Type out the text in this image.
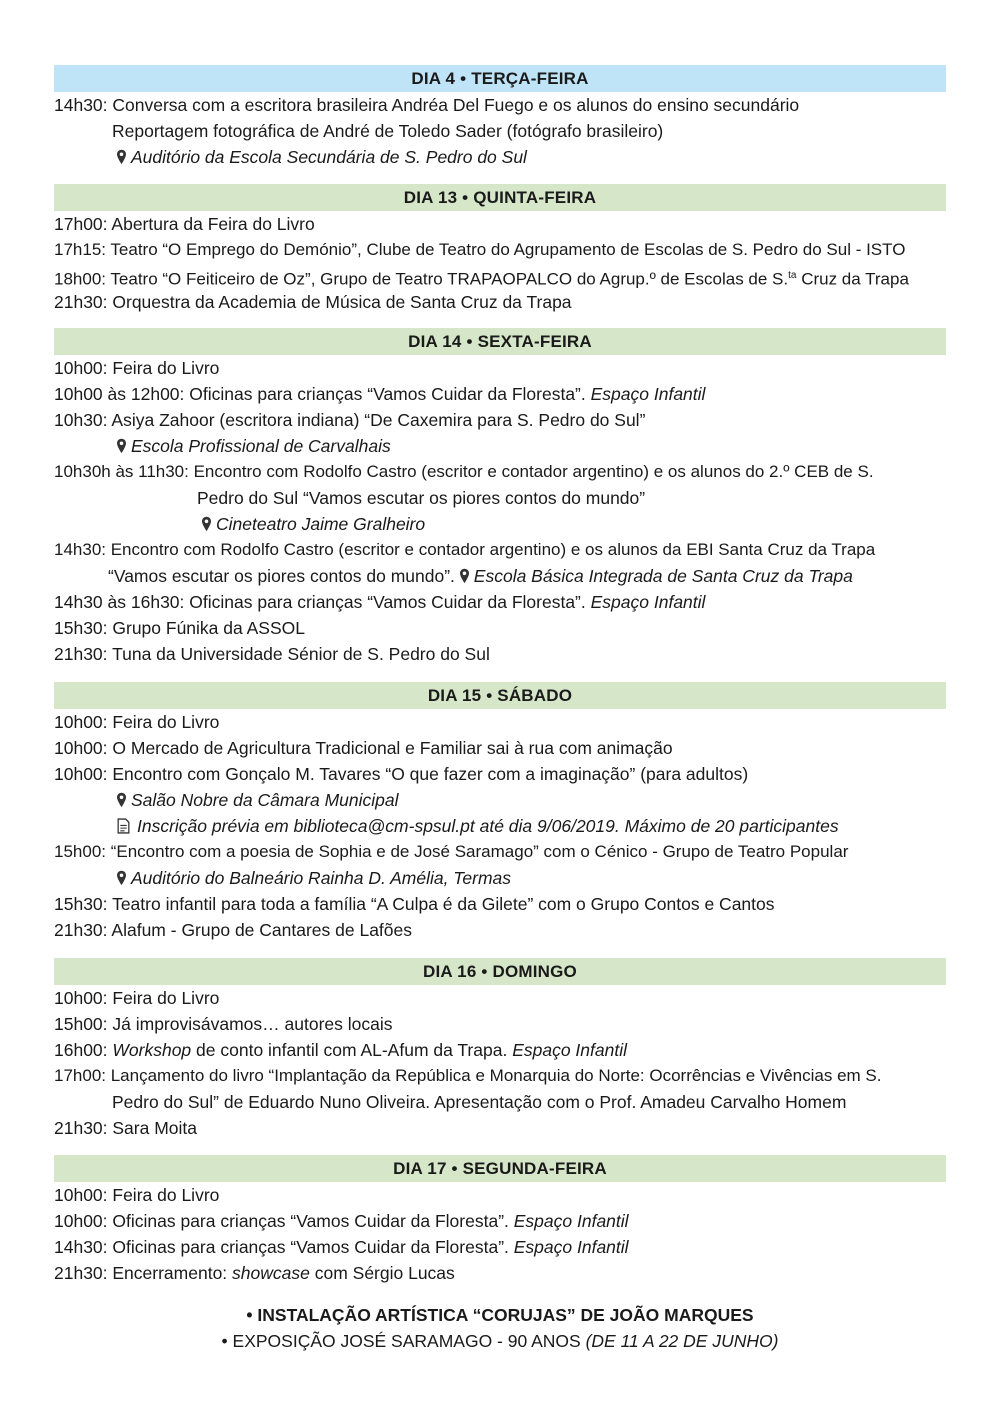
DIA 4 • TERÇA-FEIRA
14h30: Conversa com a escritora brasileira Andréa Del Fuego e os alunos do ensino secundário
Reportagem fotográfica de André de Toledo Sader (fotógrafo brasileiro)
Auditório da Escola Secundária de S. Pedro do Sul
DIA 13 • QUINTA-FEIRA
17h00: Abertura da Feira do Livro
17h15: Teatro “O Emprego do Demónio”, Clube de Teatro do Agrupamento de Escolas de S. Pedro do Sul - ISTO
18h00: Teatro “O Feiticeiro de Oz”, Grupo de Teatro TRAPAOPALCO do Agrup.º de Escolas de S.$^{ta}$ Cruz da Trapa
21h30: Orquestra da Academia de Música de Santa Cruz da Trapa
DIA 14 • SEXTA-FEIRA
10h00: Feira do Livro
10h00 às 12h00: Oficinas para crianças “Vamos Cuidar da Floresta”. Espaço Infantil
10h30: Asiya Zahoor (escritora indiana) “De Caxemira para S. Pedro do Sul”
Escola Profissional de Carvalhais
10h30h às 11h30: Encontro com Rodolfo Castro (escritor e contador argentino) e os alunos do 2.º CEB de S.
Pedro do Sul “Vamos escutar os piores contos do mundo”
Cineteatro Jaime Gralheiro
14h30: Encontro com Rodolfo Castro (escritor e contador argentino) e os alunos da EBI Santa Cruz da Trapa
“Vamos escutar os piores contos do mundo”. Escola Básica Integrada de Santa Cruz da Trapa
14h30 às 16h30: Oficinas para crianças “Vamos Cuidar da Floresta”. Espaço Infantil
15h30: Grupo Fúnika da ASSOL
21h30: Tuna da Universidade Sénior de S. Pedro do Sul
DIA 15 • SÁBADO
10h00: Feira do Livro
10h00: O Mercado de Agricultura Tradicional e Familiar sai à rua com animação
10h00: Encontro com Gonçalo M. Tavares “O que fazer com a imaginação” (para adultos)
Salão Nobre da Câmara Municipal
Inscrição prévia em biblioteca@cm-spsul.pt até dia 9/06/2019. Máximo de 20 participantes
15h00: “Encontro com a poesia de Sophia e de José Saramago” com o Cénico - Grupo de Teatro Popular
Auditório do Balneário Rainha D. Amélia, Termas
15h30: Teatro infantil para toda a família “A Culpa é da Gilete” com o Grupo Contos e Cantos
21h30: Alafum - Grupo de Cantares de Lafões
DIA 16 • DOMINGO
10h00: Feira do Livro
15h00: Já improvisávamos… autores locais
16h00: Workshop de conto infantil com AL-Afum da Trapa. Espaço Infantil
17h00: Lançamento do livro “Implantação da República e Monarquia do Norte: Ocorrências e Vivências em S.
Pedro do Sul” de Eduardo Nuno Oliveira. Apresentação com o Prof. Amadeu Carvalho Homem
21h30: Sara Moita
DIA 17 • SEGUNDA-FEIRA
10h00: Feira do Livro
10h00: Oficinas para crianças “Vamos Cuidar da Floresta”. Espaço Infantil
14h30: Oficinas para crianças “Vamos Cuidar da Floresta”. Espaço Infantil
21h30: Encerramento: showcase com Sérgio Lucas
• INSTALAÇÃO ARTÍSTICA “CORUJAS” DE JOÃO MARQUES
• EXPOSIÇÃO JOSÉ SARAMAGO - 90 ANOS (DE 11 A 22 DE JUNHO)
